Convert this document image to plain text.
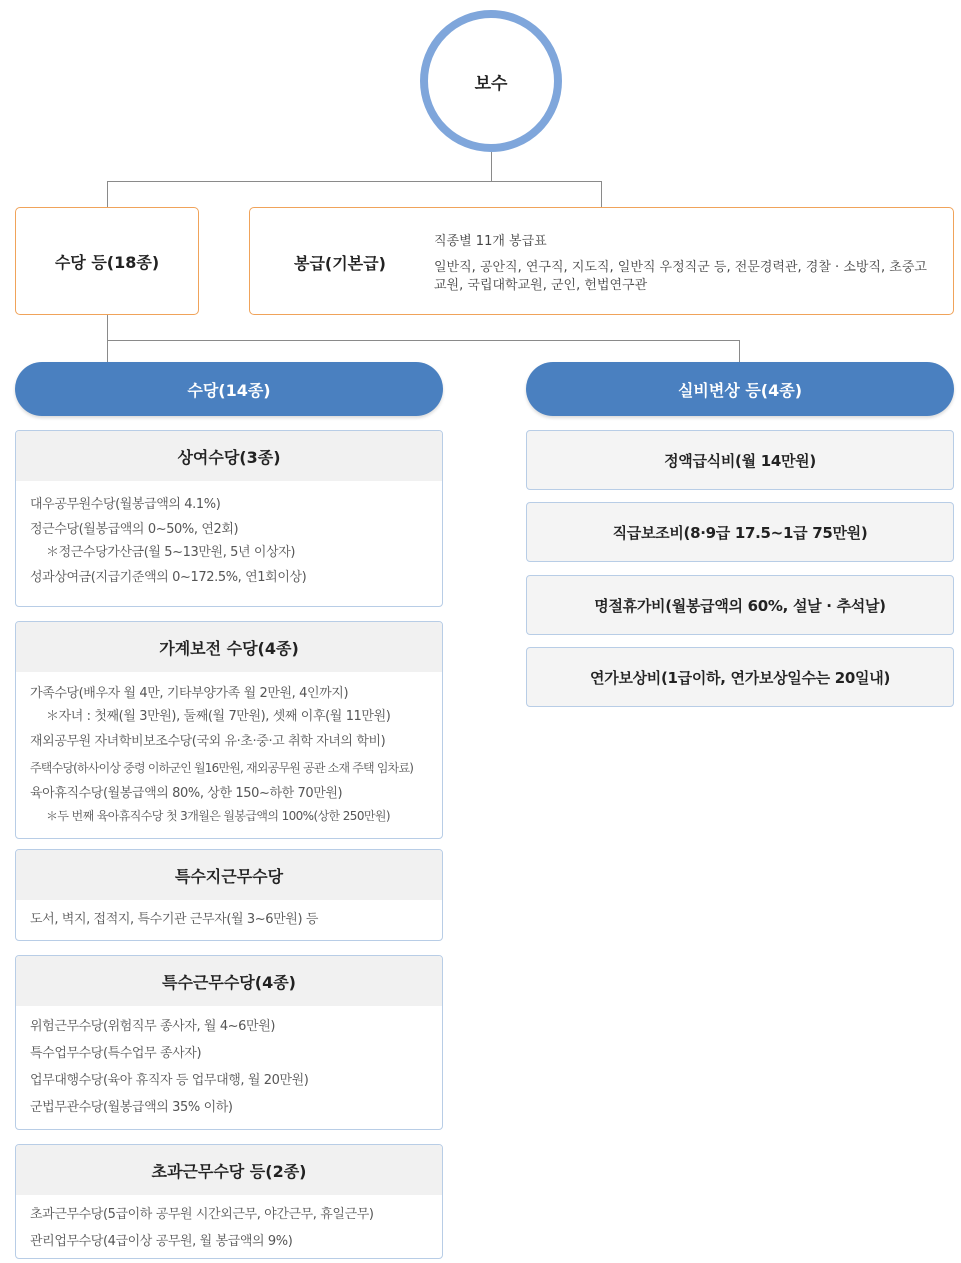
보수
수당 등(18종)	봉급(기본급)
직종별 11개 봉급표
일반직, 공안직, 연구직, 지도직, 일반직 우정직군 등, 전문경력관, 경찰 · 소방직, 초중고교원, 국립대학교원, 군인, 헌법연구관
수당(14종)	실비변상 등(4종)
상여수당(3종)
대우공무원수당(월봉급액의 4.1%)
정근수당(월봉급액의 0~50%, 연2회)
＊정근수당가산금(월 5~13만원, 5년 이상자)
성과상여금(지급기준액의 0~172.5%, 연1회이상)
가계보전 수당(4종)
가족수당(배우자 월 4만, 기타부양가족 월 2만원, 4인까지)
＊자녀 : 첫째(월 3만원), 둘째(월 7만원), 셋째 이후(월 11만원)
재외공무원 자녀학비보조수당(국외 유·초·중·고 취학 자녀의 학비)
주택수당(하사이상 중령 이하군인 월16만원, 재외공무원 공관 소재 주택 임차료)
육아휴직수당(월봉급액의 80%, 상한 150~하한 70만원)
＊두 번째 육아휴직수당 첫 3개월은 월봉급액의 100%(상한 250만원)
특수지근무수당
도서, 벽지, 접적지, 특수기관 근무자(월 3~6만원) 등
특수근무수당(4종)
위험근무수당(위험직무 종사자, 월 4~6만원)
특수업무수당(특수업무 종사자)
업무대행수당(육아 휴직자 등 업무대행, 월 20만원)
군법무관수당(월봉급액의 35% 이하)
초과근무수당 등(2종)
초과근무수당(5급이하 공무원 시간외근무, 야간근무, 휴일근무)
관리업무수당(4급이상 공무원, 월 봉급액의 9%)
정액급식비(월 14만원)
직급보조비(8·9급 17.5~1급 75만원)
명절휴가비(월봉급액의 60%, 설날 · 추석날)
연가보상비(1급이하, 연가보상일수는 20일내)
